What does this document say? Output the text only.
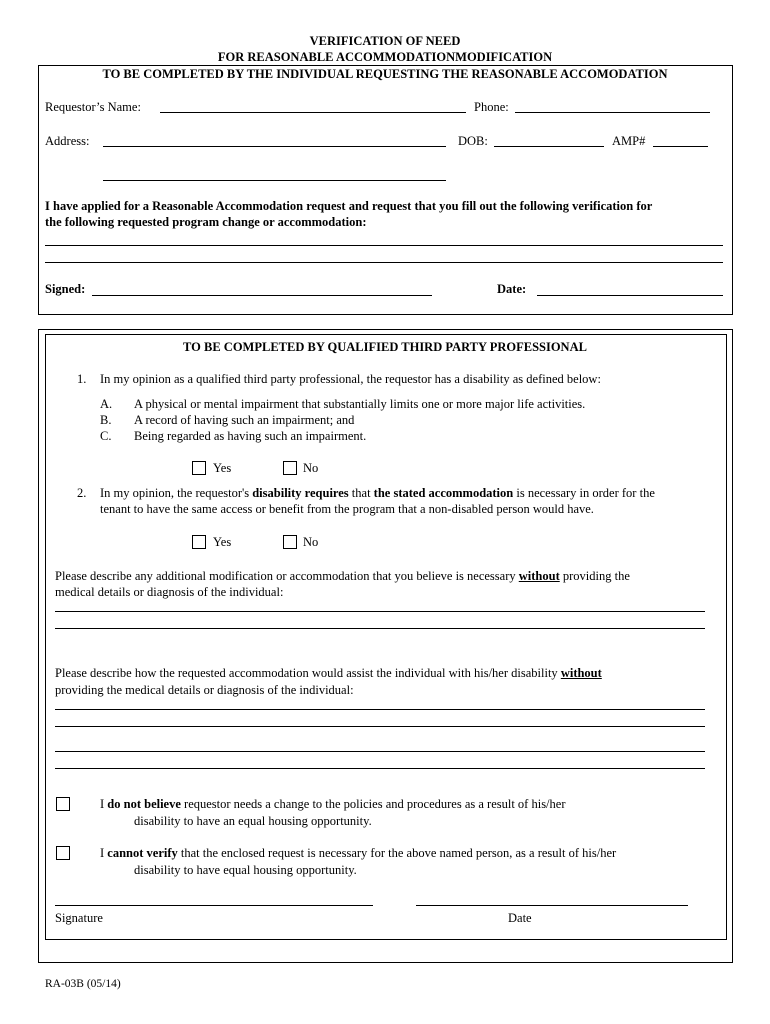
VERIFICATION OF NEED
FOR REASONABLE ACCOMMODATIONMODIFICATION
TO BE COMPLETED BY THE INDIVIDUAL REQUESTING THE REASONABLE ACCOMODATION
Requestor’s Name:	Phone:
Address:	DOB:	AMP#
I have applied for a Reasonable Accommodation request and request that you fill out the following verification for
the following requested program change or accommodation:
Signed:	Date:
TO BE COMPLETED BY QUALIFIED THIRD PARTY PROFESSIONAL
1. In my opinion as a qualified third party professional, the requestor has a disability as defined below:
A. A physical or mental impairment that substantially limits one or more major life activities.
B. A record of having such an impairment; and
C. Being regarded as having such an impairment.
Yes	No
2. In my opinion, the requestor's disability requires that the stated accommodation is necessary in order for the
tenant to have the same access or benefit from the program that a non-disabled person would have.
Yes	No
Please describe any additional modification or accommodation that you believe is necessary without providing the
medical details or diagnosis of the individual:
Please describe how the requested accommodation would assist the individual with his/her disability without
providing the medical details or diagnosis of the individual:
I do not believe requestor needs a change to the policies and procedures as a result of his/her
disability to have an equal housing opportunity.
I cannot verify that the enclosed request is necessary for the above named person, as a result of his/her
disability to have equal housing opportunity.
Signature	Date
RA-03B (05/14)
